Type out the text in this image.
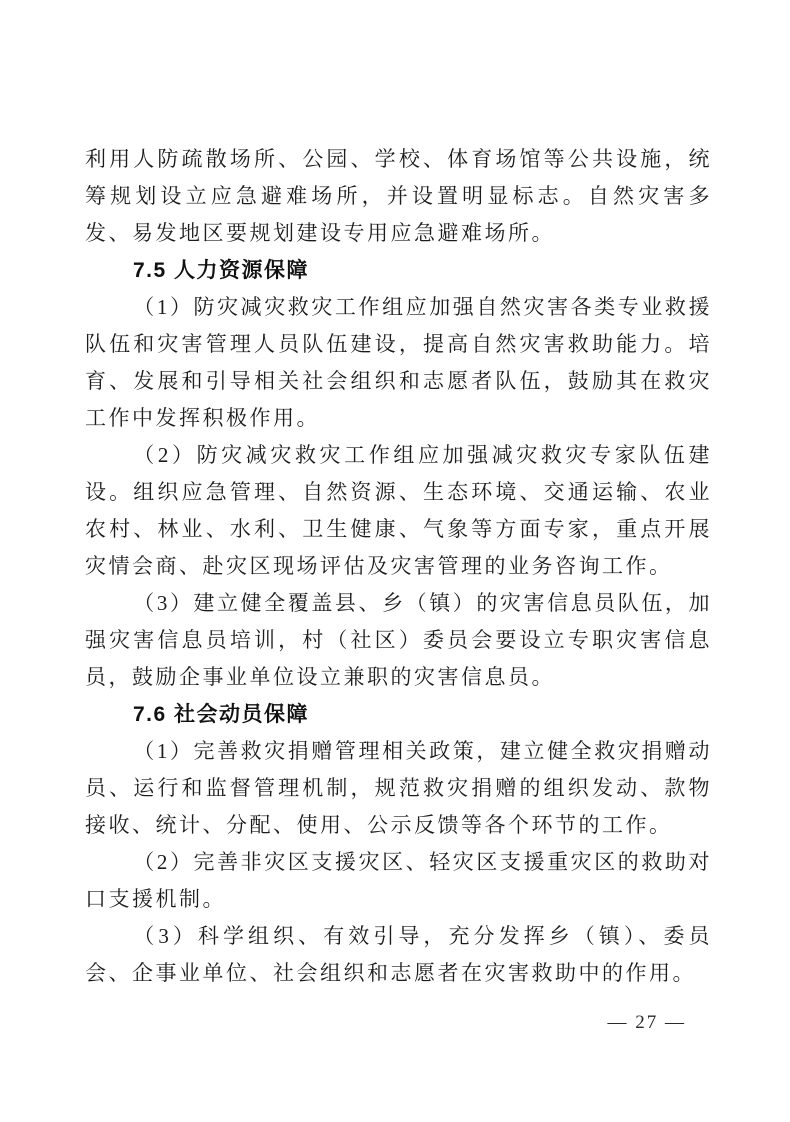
利用人防疏散场所、公园、学校、体育场馆等公共设施，统筹规划设立应急避难场所，并设置明显标志。自然灾害多发、易发地区要规划建设专用应急避难场所。

7.5 人力资源保障

（1）防灾减灾救灾工作组应加强自然灾害各类专业救援队伍和灾害管理人员队伍建设，提高自然灾害救助能力。培育、发展和引导相关社会组织和志愿者队伍，鼓励其在救灾工作中发挥积极作用。

（2）防灾减灾救灾工作组应加强减灾救灾专家队伍建设。组织应急管理、自然资源、生态环境、交通运输、农业农村、林业、水利、卫生健康、气象等方面专家，重点开展灾情会商、赴灾区现场评估及灾害管理的业务咨询工作。

（3）建立健全覆盖县、乡（镇）的灾害信息员队伍，加强灾害信息员培训，村（社区）委员会要设立专职灾害信息员，鼓励企事业单位设立兼职的灾害信息员。

7.6 社会动员保障

（1）完善救灾捐赠管理相关政策，建立健全救灾捐赠动员、运行和监督管理机制，规范救灾捐赠的组织发动、款物接收、统计、分配、使用、公示反馈等各个环节的工作。

（2）完善非灾区支援灾区、轻灾区支援重灾区的救助对口支援机制。

（3）科学组织、有效引导，充分发挥乡（镇）、委员会、企事业单位、社会组织和志愿者在灾害救助中的作用。

— 27 —
